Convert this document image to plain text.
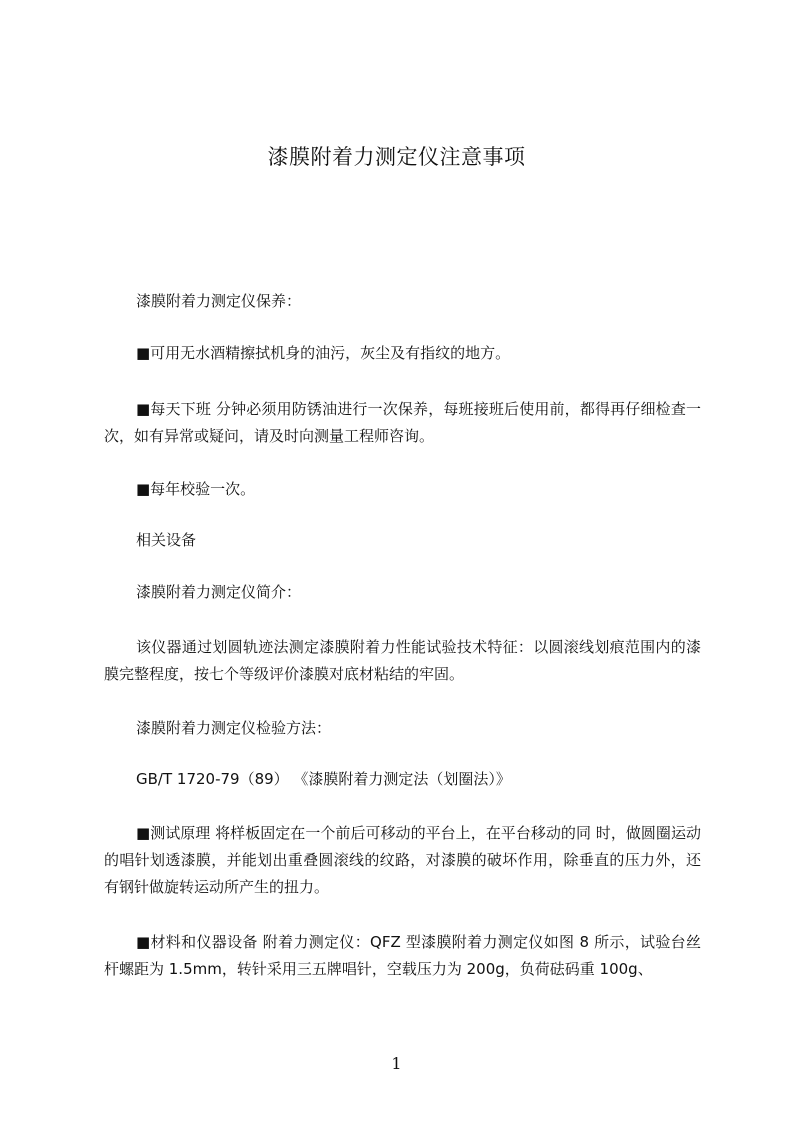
漆膜附着力测定仪注意事项
漆膜附着力测定仪保养：
■可用无水酒精擦拭机身的油污，灰尘及有指纹的地方。
■每天下班 分钟必须用防锈油进行一次保养，每班接班后使用前，都得再仔细检查一次，如有异常或疑问，请及时向测量工程师咨询。
■每年校验一次。
相关设备
漆膜附着力测定仪简介：
该仪器通过划圆轨迹法测定漆膜附着力性能试验技术特征：以圆滚线划痕范围内的漆膜完整程度，按七个等级评价漆膜对底材粘结的牢固。
漆膜附着力测定仪检验方法：
GB/T 1720-79（89） 《漆膜附着力测定法（划圈法）》
■测试原理 将样板固定在一个前后可移动的平台上，在平台移动的同 时，做圆圈运动的唱针划透漆膜，并能划出重叠圆滚线的纹路，对漆膜的破坏作用，除垂直的压力外，还有钢针做旋转运动所产生的扭力。
■材料和仪器设备 附着力测定仪：QFZ 型漆膜附着力测定仪如图 8 所示，试验台丝杆螺距为 1.5mm，转针采用三五牌唱针，空载压力为 200g，负荷砝码重 100g、
1
